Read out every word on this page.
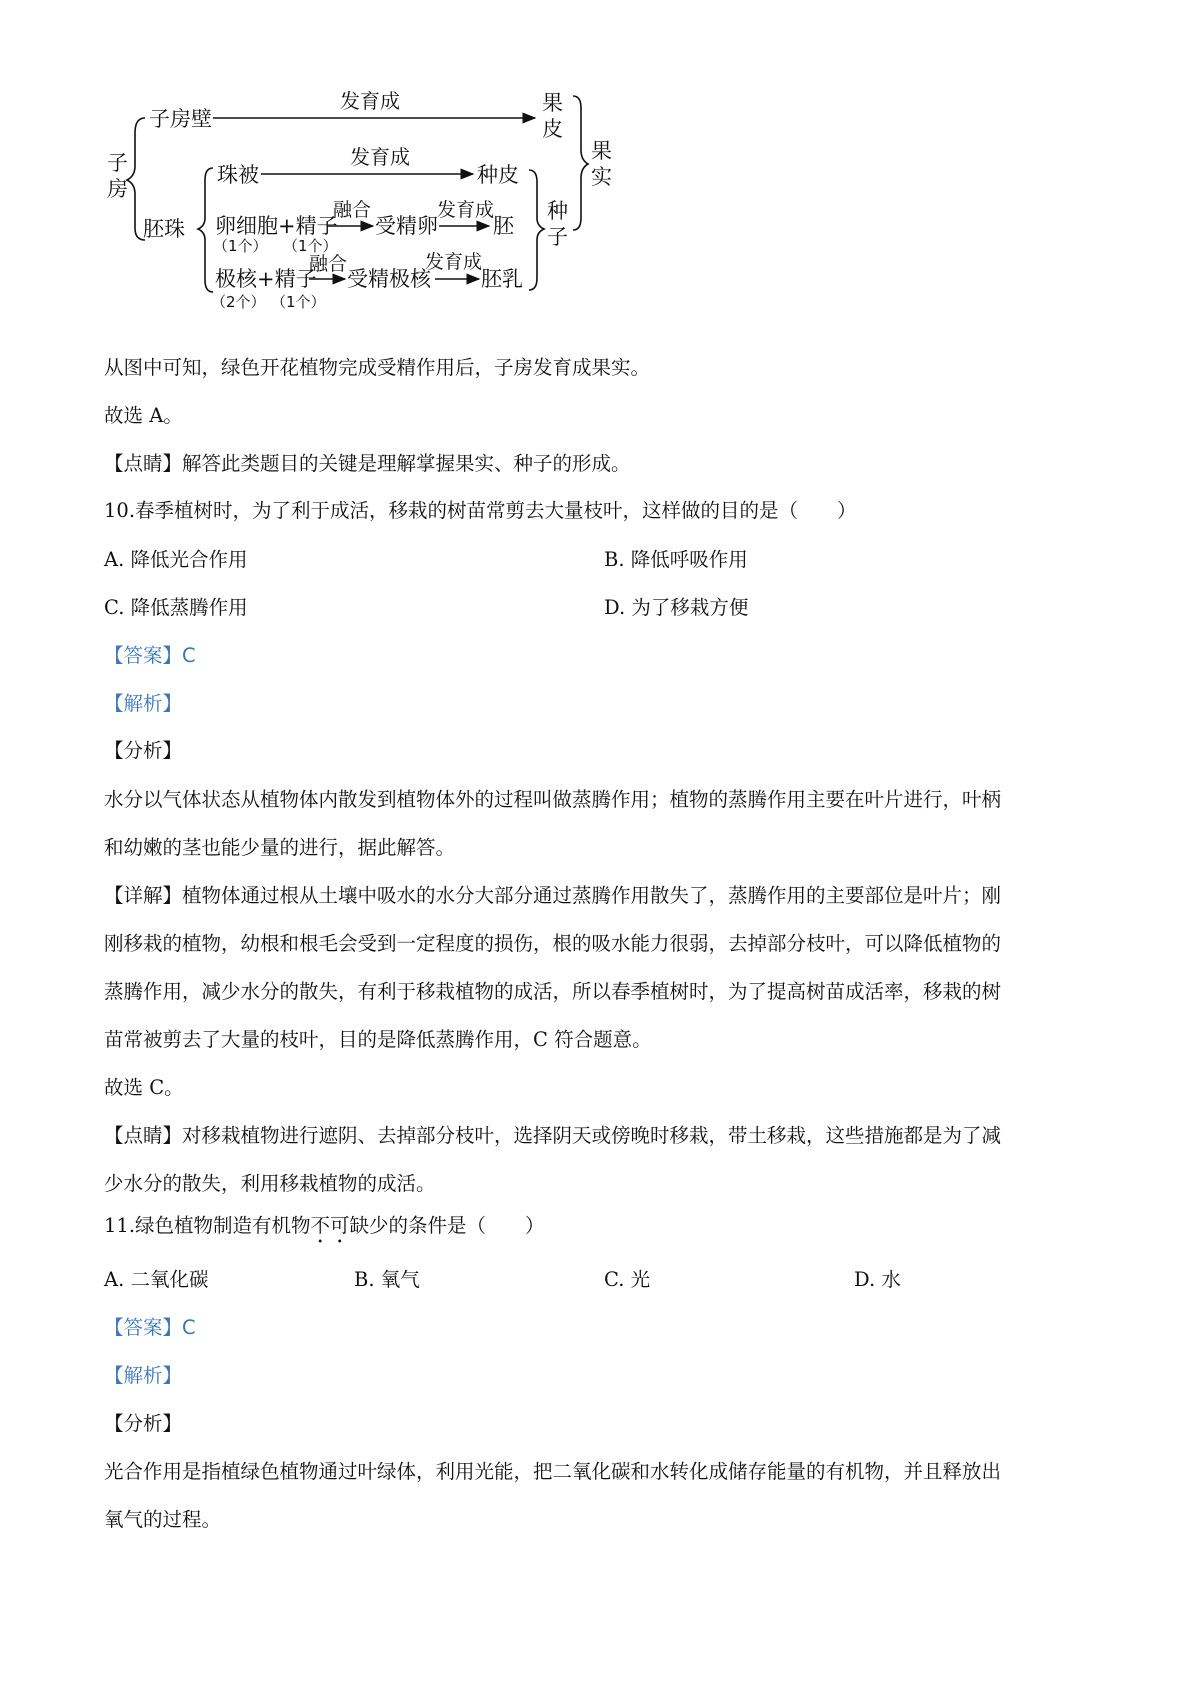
子
房
子房壁
发育成	果
皮
胚珠
珠被
发育成
种皮
卵细胞+精子
（1个） （1个）
融合
受精卵
发育成
胚
极核+精子
（2个） （1个）
融合
受精极核
发育成
胚乳
种
子
果
实
从图中可知，绿色开花植物完成受精作用后，子房发育成果实。
故选 A。
【点睛】解答此类题目的关键是理解掌握果实、种子的形成。
10.春季植树时，为了利于成活，移栽的树苗常剪去大量枝叶，这样做的目的是（　　）
A. 降低光合作用	B. 降低呼吸作用
C. 降低蒸腾作用	D. 为了移栽方便
【答案】C
【解析】
【分析】
水分以气体状态从植物体内散发到植物体外的过程叫做蒸腾作用；植物的蒸腾作用主要在叶片进行，叶柄
和幼嫩的茎也能少量的进行，据此解答。
【详解】植物体通过根从土壤中吸水的水分大部分通过蒸腾作用散失了，蒸腾作用的主要部位是叶片；刚
刚移栽的植物，幼根和根毛会受到一定程度的损伤，根的吸水能力很弱，去掉部分枝叶，可以降低植物的
蒸腾作用，减少水分的散失，有利于移栽植物的成活，所以春季植树时，为了提高树苗成活率，移栽的树
苗常被剪去了大量的枝叶，目的是降低蒸腾作用，C 符合题意。
故选 C。
【点睛】对移栽植物进行遮阴、去掉部分枝叶，选择阴天或傍晚时移栽，带土移栽，这些措施都是为了减
少水分的散失，利用移栽植物的成活。
11.绿色植物制造有机物不可缺少的条件是（　　）
A. 二氧化碳	B. 氧气	C. 光	D. 水
【答案】C
【解析】
【分析】
光合作用是指植绿色植物通过叶绿体，利用光能，把二氧化碳和水转化成储存能量的有机物，并且释放出
氧气的过程。
